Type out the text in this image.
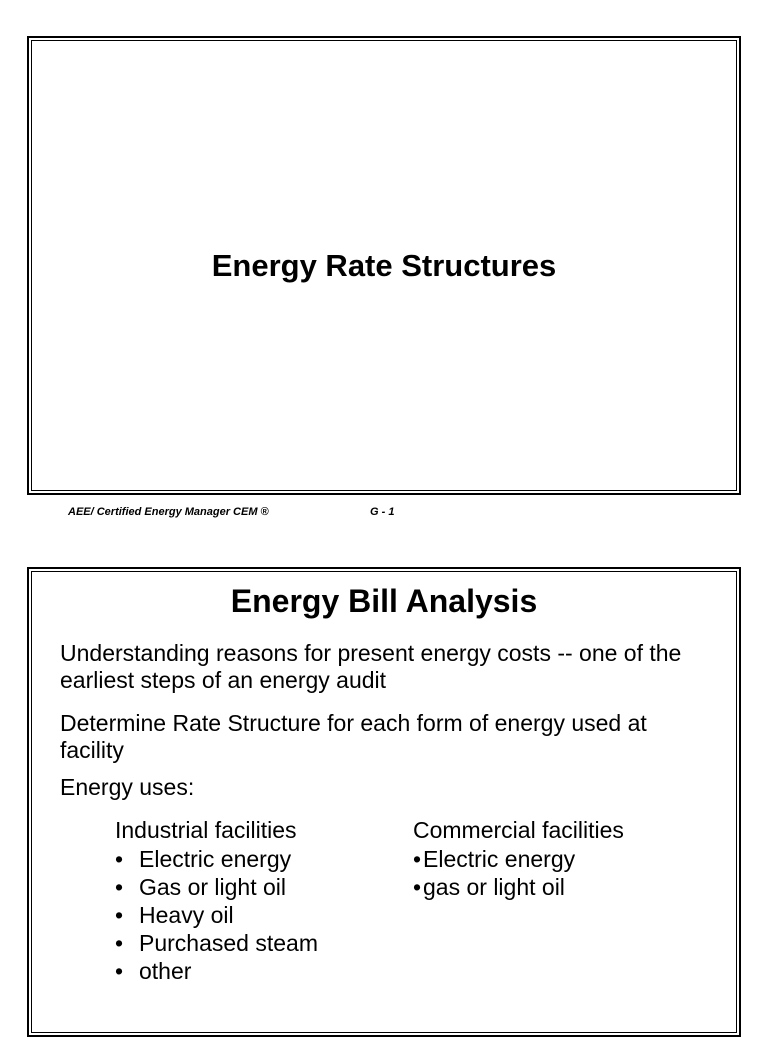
Energy Rate Structures
AEE/ Certified Energy Manager CEM ®	G - 1
Energy Bill Analysis
Understanding reasons for present energy costs -- one of the earliest steps of an energy audit
Determine Rate Structure for each form of energy used at facility
Energy uses:
Industrial facilities
• Electric energy
• Gas or light oil
• Heavy oil
• Purchased steam
• other
Commercial facilities
• Electric energy
• gas or light oil
